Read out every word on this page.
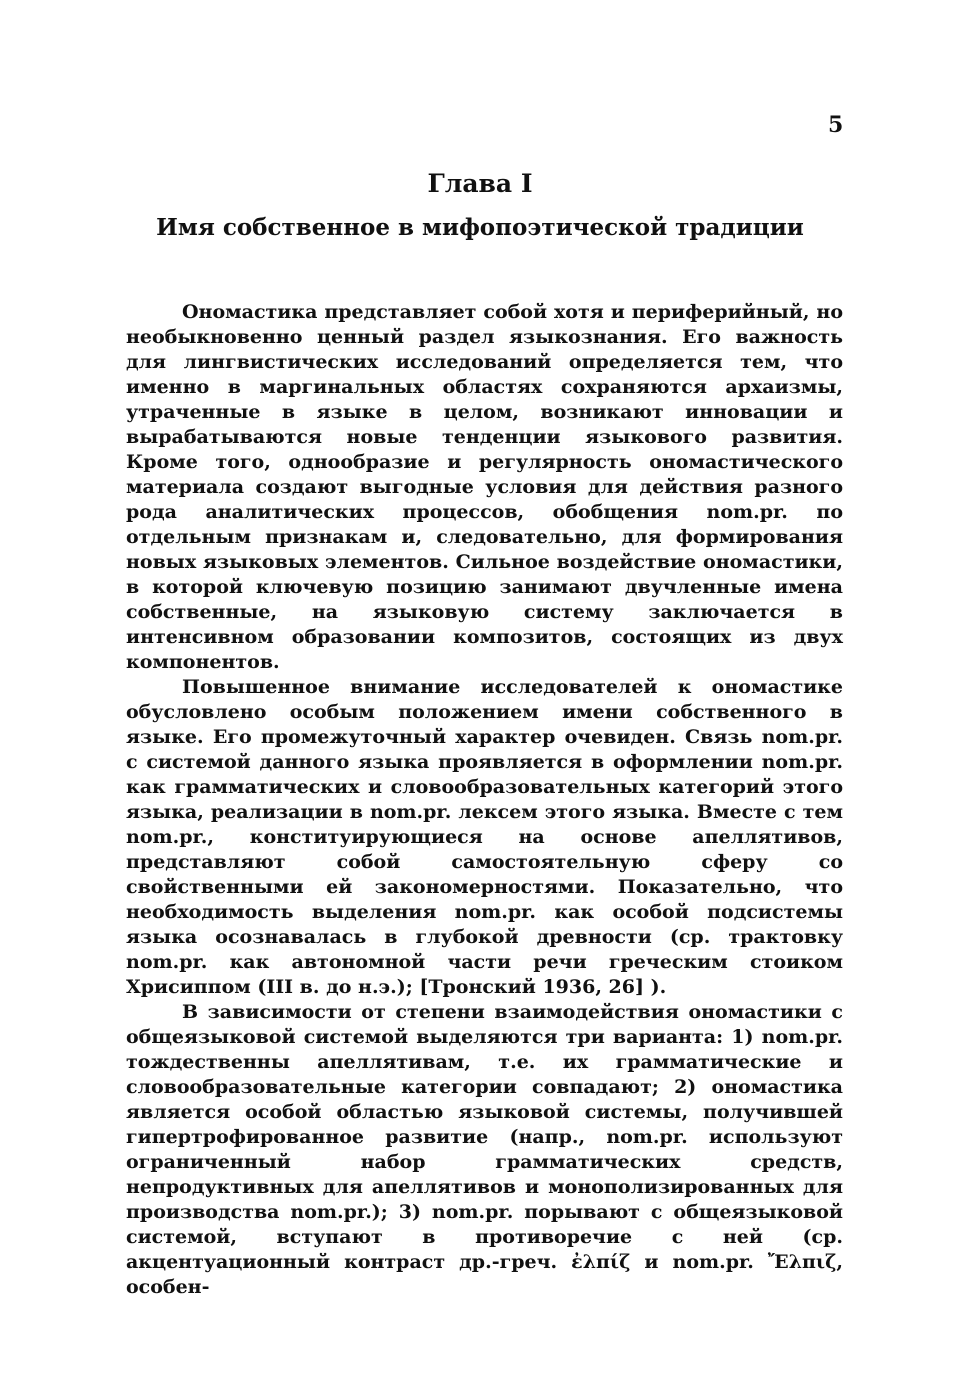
5
Глава I
Имя собственное в мифопоэтической традиции

Ономастика представляет собой хотя и периферийный, но необыкновенно ценный раздел языкознания. Его важность для лингвистических исследований определяется тем, что именно в маргинальных областях сохраняются архаизмы, утраченные в языке в целом, возникают инновации и вырабатываются новые тенденции языкового развития. Кроме того, однообразие и регулярность ономастического материала создают выгодные условия для действия разного рода аналитических процессов, обобщения nom.pr. по отдельным признакам и, следовательно, для формирования новых языковых элементов. Сильное воздействие ономастики, в которой ключевую позицию занимают двучленные имена собственные, на языковую систему заключается в интенсивном образовании композитов, состоящих из двух компонентов.

Повышенное внимание исследователей к ономастике обусловлено особым положением имени собственного в языке. Его промежуточный характер очевиден. Связь nom.pr. с системой данного языка проявляется в оформлении nom.pr. как грамматических и словообразовательных категорий этого языка, реализации в nom.pr. лексем этого языка. Вместе с тем nom.pr., конституирующиеся на основе апеллятивов, представляют собой самостоятельную сферу со свойственными ей закономерностями. Показательно, что необходимость выделения nom.pr. как особой подсистемы языка осознавалась в глубокой древности (ср. трактовку nom.pr. как автономной части речи греческим стоиком Хрисиппом (III в. до н.э.); [Тронский 1936, 26] ).

В зависимости от степени взаимодействия ономастики с общеязыковой системой выделяются три варианта: 1) nom.pr. тождественны апеллятивам, т.е. их грамматические и словообразовательные категории совпадают; 2) ономастика является особой областью языковой системы, получившей гипертрофированное развитие (напр., nom.pr. используют ограниченный набор грамматических средств, непродуктивных для апеллятивов и монополизированных для производства nom.pr.); 3) nom.pr. порывают с общеязыковой системой, вступают в противоречие с ней (ср. акцентуационный контраст др.-греч. ἐλπίζ и nom.pr. Ἔλπιζ, особен-
